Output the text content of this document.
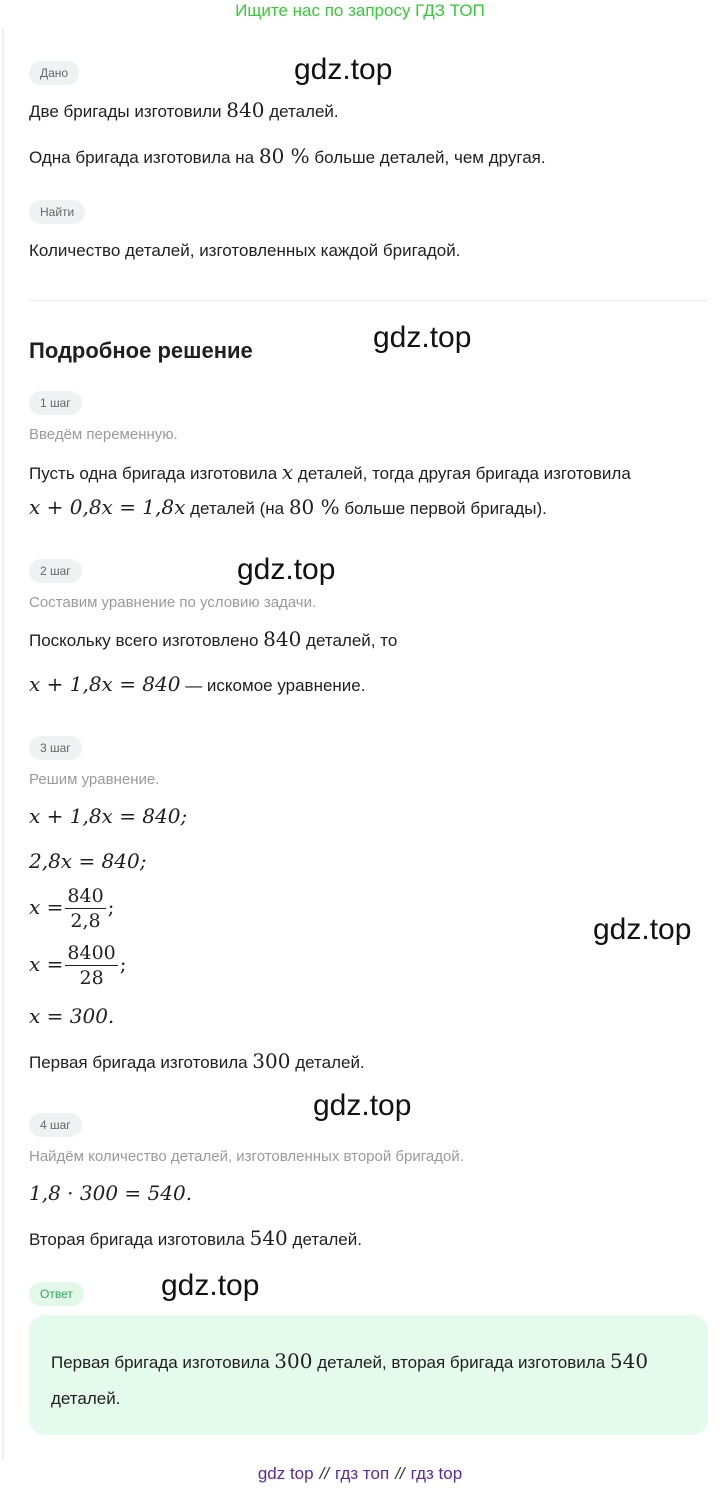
Ищите нас по запросу ГДЗ ТОП
Дано
Две бригады изготовили 840 деталей.
Одна бригада изготовила на 80 % больше деталей, чем другая.
Найти
Количество деталей, изготовленных каждой бригадой.
Подробное решение
1 шаг
Введём переменную.
Пусть одна бригада изготовила x деталей, тогда другая бригада изготовила
x + 0,8x = 1,8x деталей (на 80 % больше первой бригады).
2 шаг
Составим уравнение по условию задачи.
Поскольку всего изготовлено 840 деталей, то
x + 1,8x = 840 — искомое уравнение.
3 шаг
Решим уравнение.
x + 1,8x = 840;
2,8x = 840;
$x = \frac{840}{2,8}$ ;
$x = \frac{8400}{28}$ ;
x = 300.
Первая бригада изготовила 300 деталей.
4 шаг
Найдём количество деталей, изготовленных второй бригадой.
1,8 · 300 = 540.
Вторая бригада изготовила 540 деталей.
Ответ
Первая бригада изготовила 300 деталей, вторая бригада изготовила 540 деталей.
gdz.top
gdz.top
gdz.top
gdz.top
gdz.top
gdz.top
gdz top // гдз топ // гдз top
